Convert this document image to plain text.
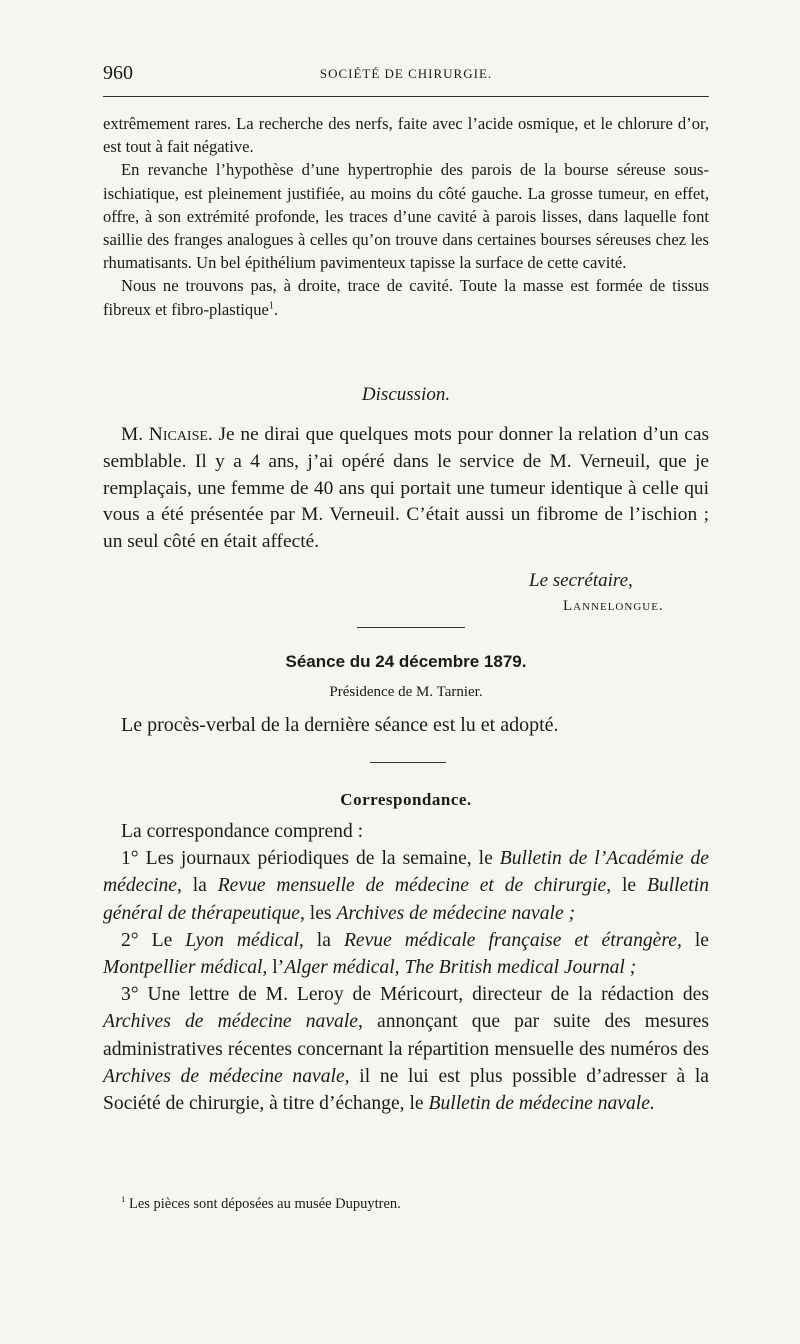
960	SOCIÉTÉ DE CHIRURGIE.

extrêmement rares. La recherche des nerfs, faite avec l’acide osmique, et le chlorure d’or, est tout à fait négative.

En revanche l’hypothèse d’une hypertrophie des parois de la bourse séreuse sous-ischiatique, est pleinement justifiée, au moins du côté gauche. La grosse tumeur, en effet, offre, à son extrémité profonde, les traces d’une cavité à parois lisses, dans laquelle font saillie des franges analogues à celles qu’on trouve dans certaines bourses séreuses chez les rhumatisants. Un bel épithélium pavimenteux tapisse la surface de cette cavité.

Nous ne trouvons pas, à droite, trace de cavité. Toute la masse est formée de tissus fibreux et fibro-plastique$^1$.

Discussion.

M. Nicaise. Je ne dirai que quelques mots pour donner la relation d’un cas semblable. Il y a 4 ans, j’ai opéré dans le service de M. Verneuil, que je remplaçais, une femme de 40 ans qui portait une tumeur identique à celle qui vous a été présentée par M. Verneuil. C’était aussi un fibrome de l’ischion ; un seul côté en était affecté.

Le secrétaire,
Lannelongue.
Séance du 24 décembre 1879.
Présidence de M. Tarnier.
Le procès-verbal de la dernière séance est lu et adopté.
Correspondance.

La correspondance comprend :

1° Les journaux périodiques de la semaine, le Bulletin de l’Académie de médecine, la Revue mensuelle de médecine et de chirurgie, le Bulletin général de thérapeutique, les Archives de médecine navale ;

2° Le Lyon médical, la Revue médicale française et étrangère, le Montpellier médical, l’Alger médical, The British medical Journal ;

3° Une lettre de M. Leroy de Méricourt, directeur de la rédaction des Archives de médecine navale, annonçant que par suite des mesures administratives récentes concernant la répartition mensuelle des numéros des Archives de médecine navale, il ne lui est plus possible d’adresser à la Société de chirurgie, à titre d’échange, le Bulletin de médecine navale.

$^1$ Les pièces sont déposées au musée Dupuytren.
